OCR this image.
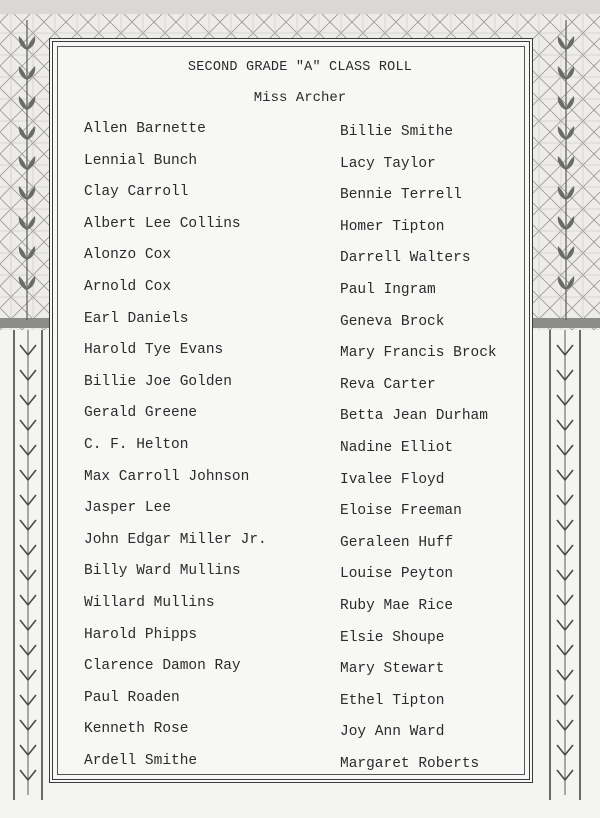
SECOND GRADE "A" CLASS ROLL
Miss Archer
Allen Barnette
Lennial Bunch
Clay Carroll
Albert Lee Collins
Alonzo Cox
Arnold Cox
Earl Daniels
Harold Tye Evans
Billie Joe Golden
Gerald Greene
C. F. Helton
Max Carroll Johnson
Jasper Lee
John Edgar Miller Jr.
Billy Ward Mullins
Willard Mullins
Harold Phipps
Clarence Damon Ray
Paul Roaden
Kenneth Rose
Ardell Smithe
Billie Smithe
Lacy Taylor
Bennie Terrell
Homer Tipton
Darrell Walters
Paul Ingram
Geneva Brock
Mary Francis Brock
Reva Carter
Betta Jean Durham
Nadine Elliot
Ivalee Floyd
Eloise Freeman
Geraleen Huff
Louise Peyton
Ruby Mae Rice
Elsie Shoupe
Mary Stewart
Ethel Tipton
Joy Ann Ward
Margaret Roberts
